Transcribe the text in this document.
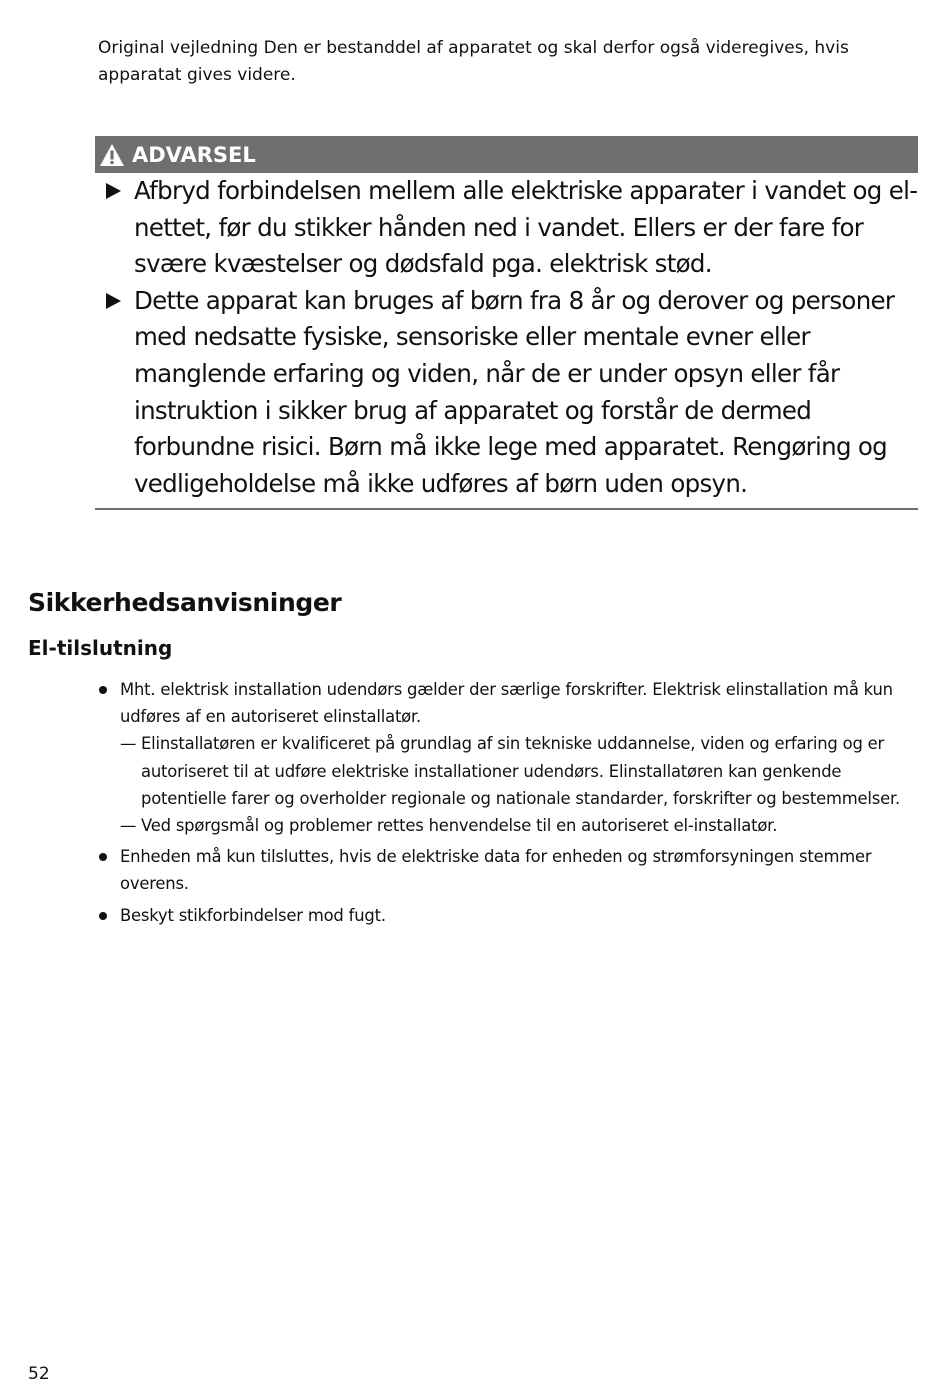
Original vejledning Den er bestanddel af apparatet og skal derfor også videregives, hvis apparatat gives videre.

ADVARSEL
Afbryd forbindelsen mellem alle elektriske apparater i vandet og el-nettet, før du stikker hånden ned i vandet. Ellers er der fare for svære kvæstelser og dødsfald pga. elektrisk stød.
Dette apparat kan bruges af børn fra 8 år og derover og personer med nedsatte fysiske, sensoriske eller mentale evner eller manglende erfaring og viden, når de er under opsyn eller får instruktion i sikker brug af apparatet og forstår de dermed forbundne risici. Børn må ikke lege med apparatet. Rengøring og vedligeholdelse må ikke udføres af børn uden opsyn.
Sikkerhedsanvisninger
El-tilslutning
Mht. elektrisk installation udendørs gælder der særlige forskrifter. Elektrisk elinstallation må kun udføres af en autoriseret elinstallatør.
— Elinstallatøren er kvalificeret på grundlag af sin tekniske uddannelse, viden og erfaring og er autoriseret til at udføre elektriske installationer udendørs. Elinstallatøren kan genkende potentielle farer og overholder regionale og nationale standarder, forskrifter og bestemmelser.
— Ved spørgsmål og problemer rettes henvendelse til en autoriseret el-installatør.
Enheden må kun tilsluttes, hvis de elektriske data for enheden og strømforsyningen stemmer overens.
Beskyt stikforbindelser mod fugt.
52
